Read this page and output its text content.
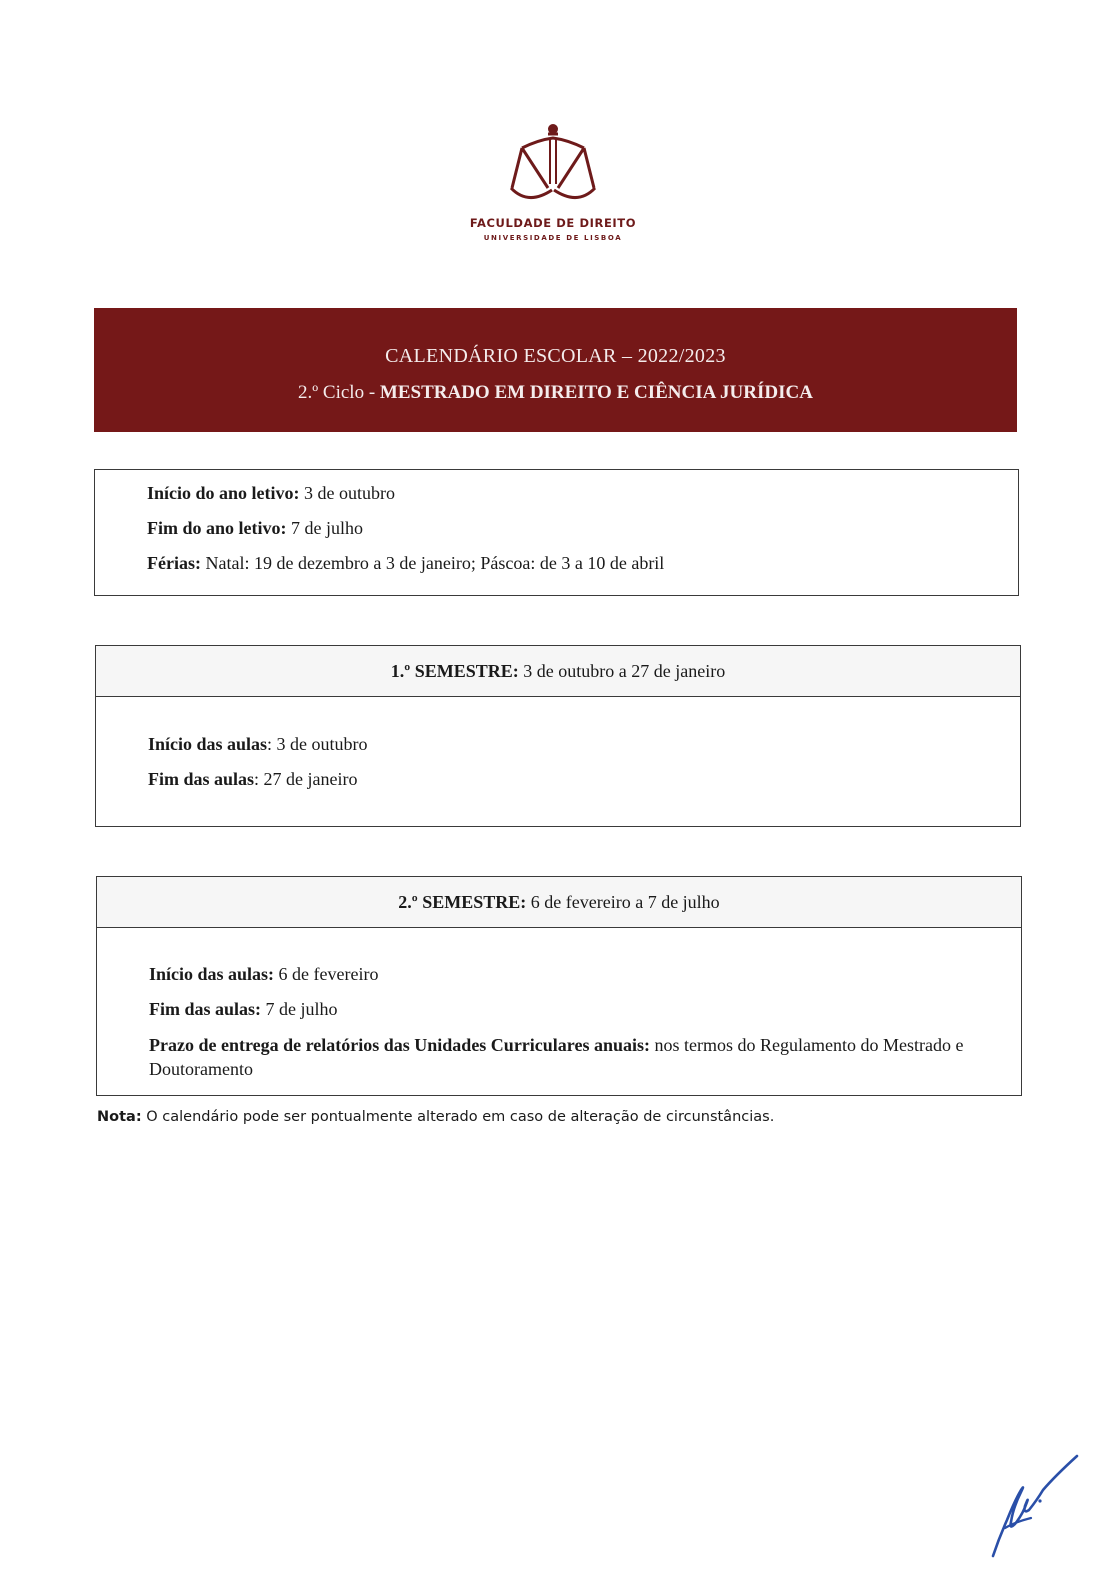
FACULDADE DE DIREITO
UNIVERSIDADE DE LISBOA
CALENDÁRIO ESCOLAR – 2022/2023
2.º Ciclo - MESTRADO EM DIREITO E CIÊNCIA JURÍDICA
Início do ano letivo: 3 de outubro
Fim do ano letivo: 7 de julho
Férias: Natal: 19 de dezembro a 3 de janeiro; Páscoa: de 3 a 10 de abril
1.º SEMESTRE: 3 de outubro a 27 de janeiro
Início das aulas: 3 de outubro
Fim das aulas: 27 de janeiro
2.º SEMESTRE: 6 de fevereiro a 7 de julho
Início das aulas: 6 de fevereiro
Fim das aulas: 7 de julho
Prazo de entrega de relatórios das Unidades Curriculares anuais: nos termos do Regulamento do Mestrado e Doutoramento
Nota: O calendário pode ser pontualmente alterado em caso de alteração de circunstâncias.
